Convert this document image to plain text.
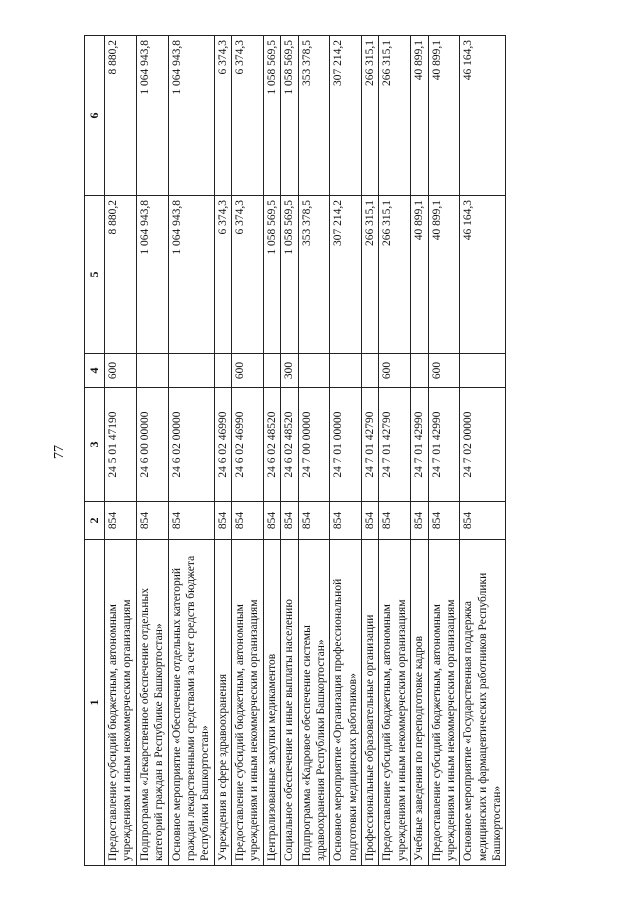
77
1	2	3	4	5	6
Предоставление субсидий бюджетным, автономным учреждениям и иным некоммерческим организациям	854	24 5 01 47190	600	8 880,2	8 880,2
Подпрограмма «Лекарственное обеспечение отдельных категорий граждан в Республике Башкортостан»	854	24 6 00 00000		1 064 943,8	1 064 943,8
Основное мероприятие «Обеспечение отдельных категорий граждан лекарственными средствами за счет средств бюджета Республики Башкортостан»	854	24 6 02 00000		1 064 943,8	1 064 943,8
Учреждения в сфере здравоохранения	854	24 6 02 46990		6 374,3	6 374,3
Предоставление субсидий бюджетным, автономным учреждениям и иным некоммерческим организациям	854	24 6 02 46990	600	6 374,3	6 374,3
Централизованные закупки медикаментов	854	24 6 02 48520		1 058 569,5	1 058 569,5
Социальное обеспечение и иные выплаты населению	854	24 6 02 48520	300	1 058 569,5	1 058 569,5
Подпрограмма «Кадровое обеспечение системы здравоохранения Республики Башкортостан»	854	24 7 00 00000		353 378,5	353 378,5
Основное мероприятие «Организация профессиональной подготовки медицинских работников»	854	24 7 01 00000		307 214,2	307 214,2
Профессиональные образовательные организации	854	24 7 01 42790		266 315,1	266 315,1
Предоставление субсидий бюджетным, автономным учреждениям и иным некоммерческим организациям	854	24 7 01 42790	600	266 315,1	266 315,1
Учебные заведения по переподготовке кадров	854	24 7 01 42990		40 899,1	40 899,1
Предоставление субсидий бюджетным, автономным учреждениям и иным некоммерческим организациям	854	24 7 01 42990	600	40 899,1	40 899,1
Основное мероприятие «Государственная поддержка медицинских и фармацевтических работников Республики Башкортостан»	854	24 7 02 00000		46 164,3	46 164,3
